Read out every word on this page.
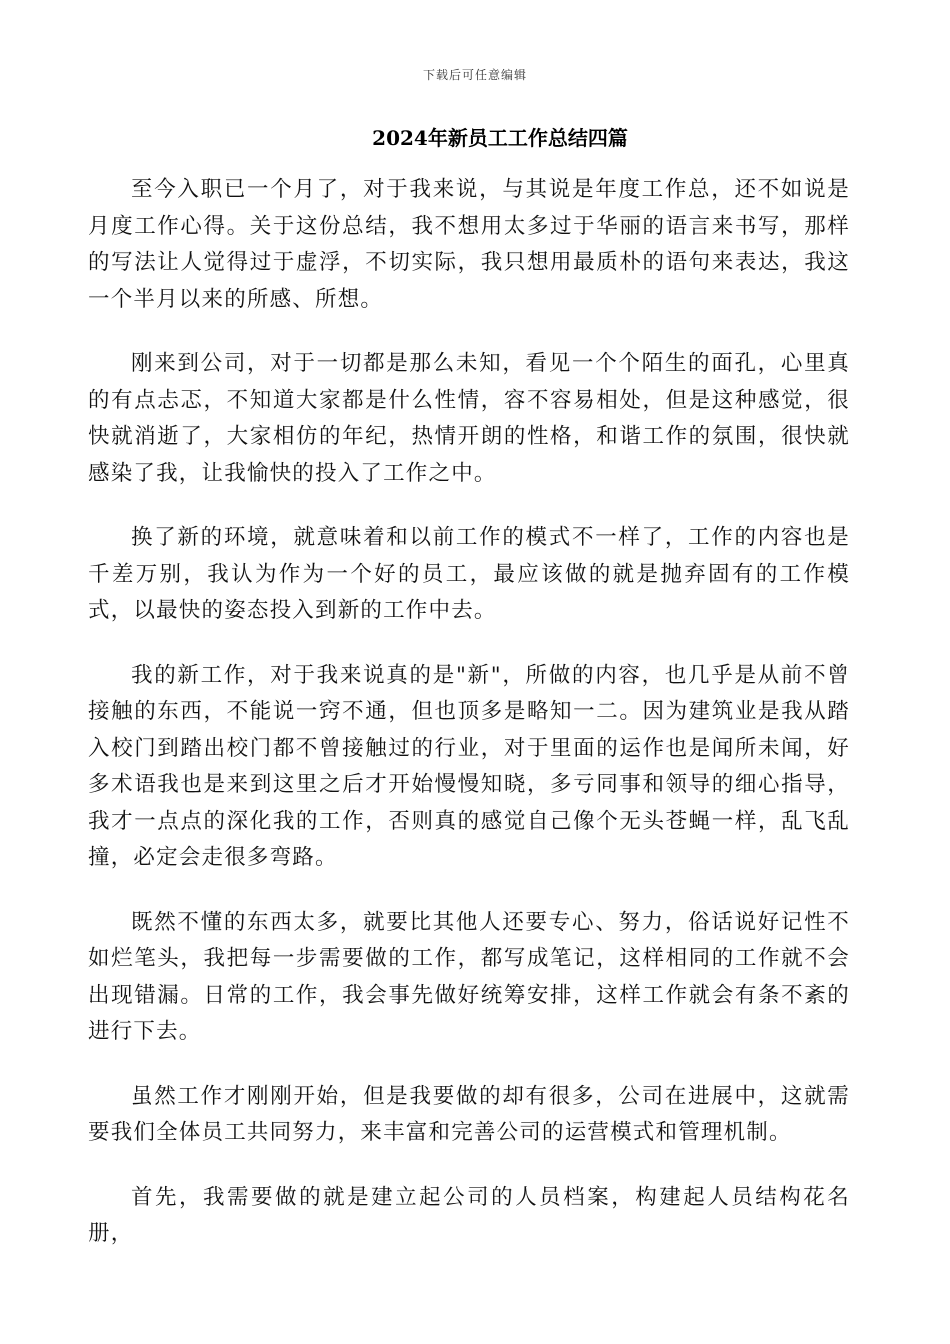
下载后可任意编辑
2024年新员工工作总结四篇

至今入职已一个月了，对于我来说，与其说是年度工作总，还不如说是月度工作心得。关于这份总结，我不想用太多过于华丽的语言来书写，那样的写法让人觉得过于虚浮，不切实际，我只想用最质朴的语句来表达，我这一个半月以来的所感、所想。

刚来到公司，对于一切都是那么未知，看见一个个陌生的面孔，心里真的有点忐忑，不知道大家都是什么性情，容不容易相处，但是这种感觉，很快就消逝了，大家相仿的年纪，热情开朗的性格，和谐工作的氛围，很快就感染了我，让我愉快的投入了工作之中。

换了新的环境，就意味着和以前工作的模式不一样了，工作的内容也是千差万别，我认为作为一个好的员工，最应该做的就是抛弃固有的工作模式，以最快的姿态投入到新的工作中去。

我的新工作，对于我来说真的是"新"，所做的内容，也几乎是从前不曾接触的东西，不能说一窍不通，但也顶多是略知一二。因为建筑业是我从踏入校门到踏出校门都不曾接触过的行业，对于里面的运作也是闻所未闻，好多术语我也是来到这里之后才开始慢慢知晓，多亏同事和领导的细心指导，我才一点点的深化我的工作，否则真的感觉自己像个无头苍蝇一样，乱飞乱撞，必定会走很多弯路。

既然不懂的东西太多，就要比其他人还要专心、努力，俗话说好记性不如烂笔头，我把每一步需要做的工作，都写成笔记，这样相同的工作就不会出现错漏。日常的工作，我会事先做好统筹安排，这样工作就会有条不紊的进行下去。

虽然工作才刚刚开始，但是我要做的却有很多，公司在进展中，这就需要我们全体员工共同努力，来丰富和完善公司的运营模式和管理机制。

首先，我需要做的就是建立起公司的人员档案，构建起人员结构花名册，
